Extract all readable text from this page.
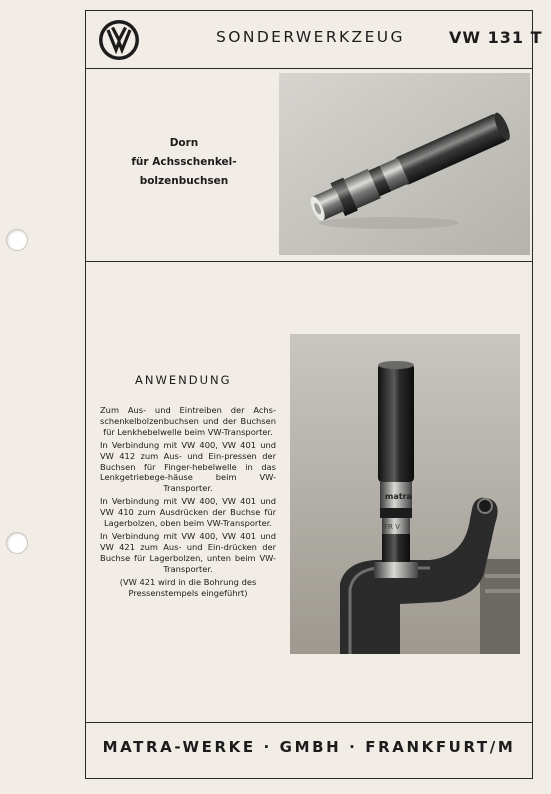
SONDERWERKZEUG	VW 131 T
Dorn
für Achsschenkel-
bolzenbuchsen
ANWENDUNG

Zum Aus- und Eintreiben der Achs-schenkelbolzenbuchsen und der Buchsen für Lenkhebelwelle beim VW-Transporter.

In Verbindung mit VW 400, VW 401 und VW 412 zum Aus- und Ein-pressen der Buchsen für Finger-hebelwelle in das Lenkgetriebege-häuse beim VW-Transporter.

In Verbindung mit VW 400, VW 401 und VW 410 zum Ausdrücken der Buchse für Lagerbolzen, oben beim VW-Transporter.

In Verbindung mit VW 400, VW 401 und VW 421 zum Aus- und Ein-drücken der Buchse für Lagerbolzen, unten beim VW-Transporter.

(VW 421 wird in die Bohrung des Pressenstempels eingeführt)

matra
FR V
MATRA-WERKE · GMBH · FRANKFURT/M
